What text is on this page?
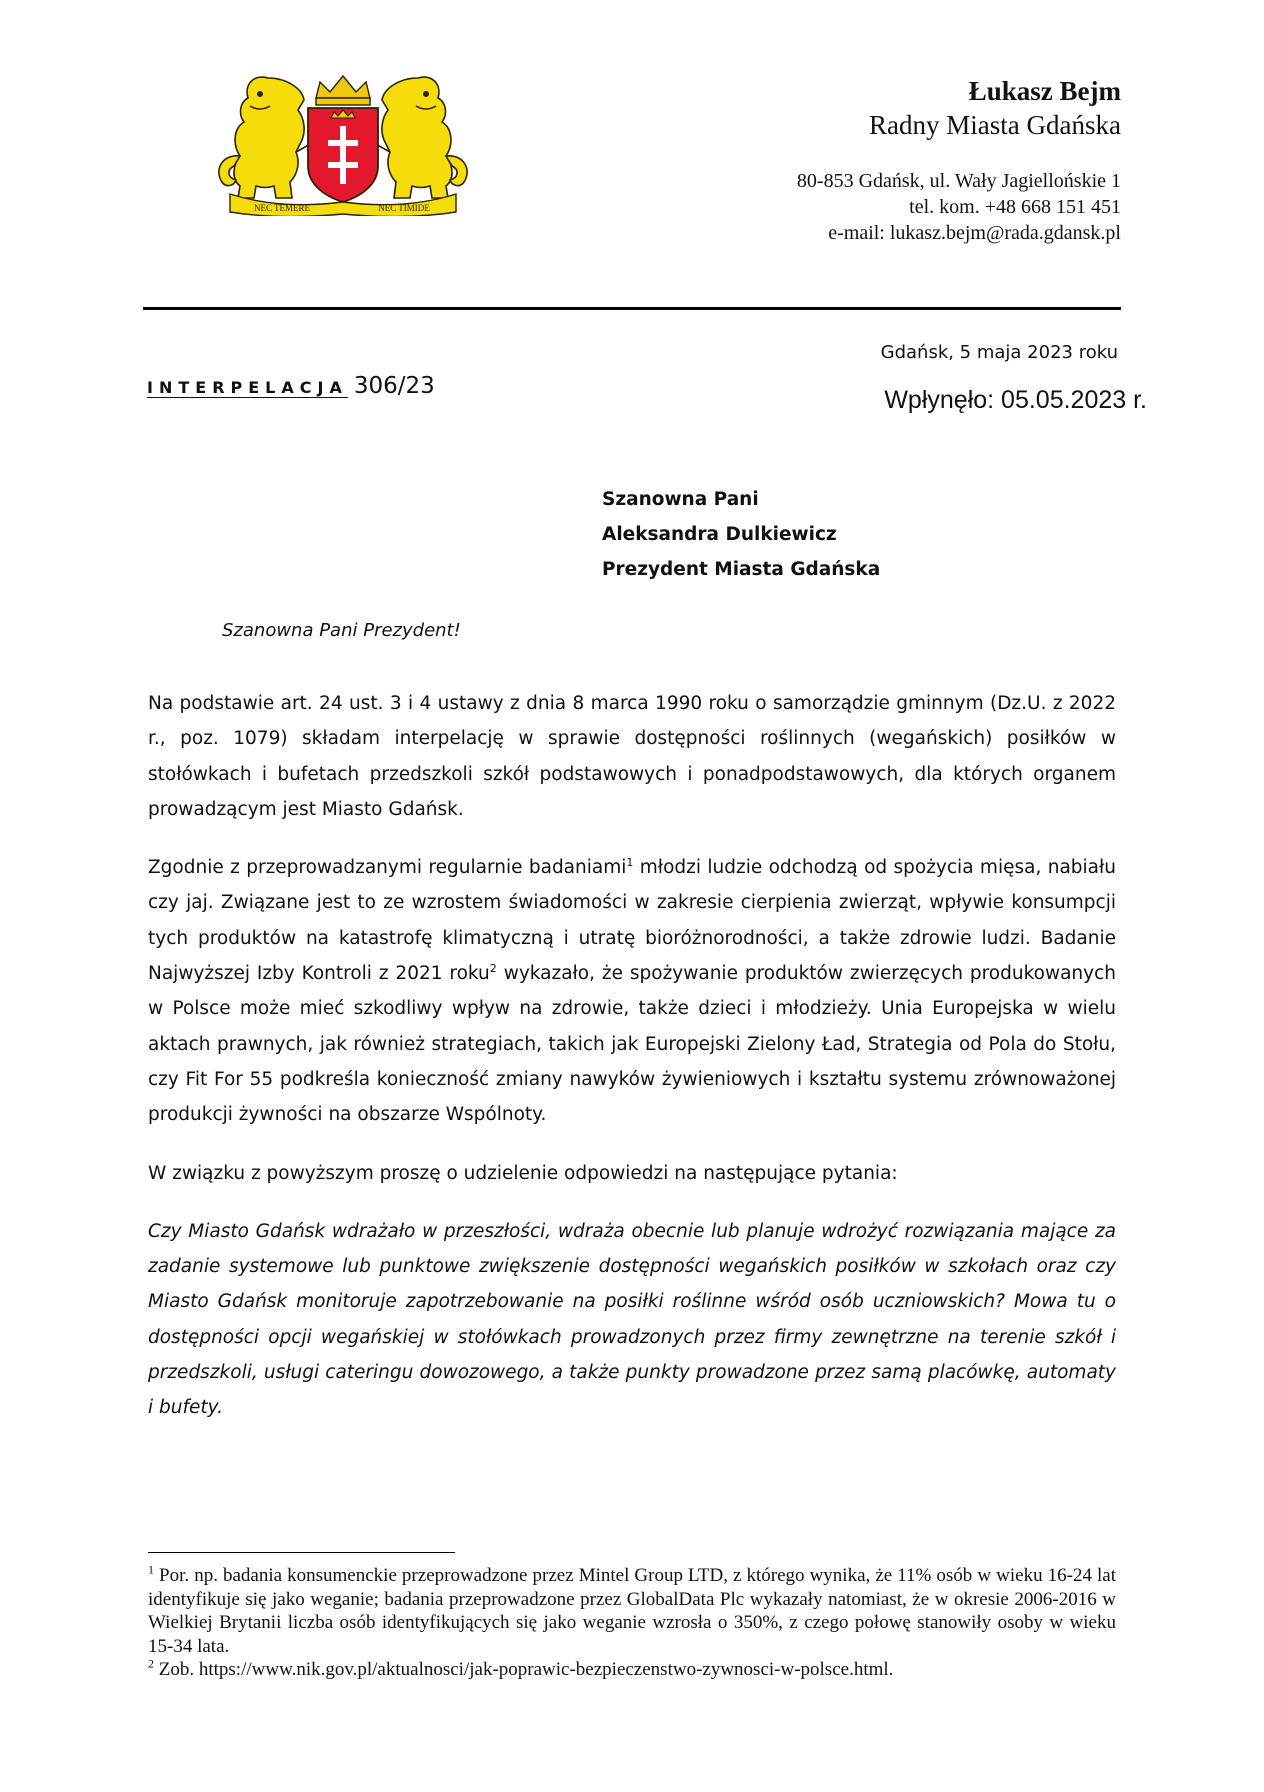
NEC TEMERE	NEC TIMIDE
Łukasz Bejm
Radny Miasta Gdańska
80-853 Gdańsk, ul. Wały Jagiellońskie 1
tel. kom. +48 668 151 451
e-mail: lukasz.bejm@rada.gdansk.pl
Gdańsk, 5 maja 2023 roku
INTERPELACJA 306/23	Wpłynęło: 05.05.2023 r.
Szanowna Pani
Aleksandra Dulkiewicz
Prezydent Miasta Gdańska
Szanowna Pani Prezydent!

Na podstawie art. 24 ust. 3 i 4 ustawy z dnia 8 marca 1990 roku o samorządzie gminnym (Dz.U. z 2022 r., poz. 1079) składam interpelację w sprawie dostępności roślinnych (wegańskich) posiłków w stołówkach i bufetach przedszkoli szkół podstawowych i ponadpodstawowych, dla których organem prowadzącym jest Miasto Gdańsk.

Zgodnie z przeprowadzanymi regularnie badaniami$^1$ młodzi ludzie odchodzą od spożycia mięsa, nabiału czy jaj. Związane jest to ze wzrostem świadomości w zakresie cierpienia zwierząt, wpływie konsumpcji tych produktów na katastrofę klimatyczną i utratę bioróżnorodności, a także zdrowie ludzi. Badanie Najwyższej Izby Kontroli z 2021 roku$^2$ wykazało, że spożywanie produktów zwierzęcych produkowanych w Polsce może mieć szkodliwy wpływ na zdrowie, także dzieci i młodzieży. Unia Europejska w wielu aktach prawnych, jak również strategiach, takich jak Europejski Zielony Ład, Strategia od Pola do Stołu, czy Fit For 55 podkreśla konieczność zmiany nawyków żywieniowych i kształtu systemu zrównoważonej produkcji żywności na obszarze Wspólnoty.

W związku z powyższym proszę o udzielenie odpowiedzi na następujące pytania:

Czy Miasto Gdańsk wdrażało w przeszłości, wdraża obecnie lub planuje wdrożyć rozwiązania mające za zadanie systemowe lub punktowe zwiększenie dostępności wegańskich posiłków w szkołach oraz czy Miasto Gdańsk monitoruje zapotrzebowanie na posiłki roślinne wśród osób uczniowskich? Mowa tu o dostępności opcji wegańskiej w stołówkach prowadzonych przez firmy zewnętrzne na terenie szkół i przedszkoli, usługi cateringu dowozowego, a także punkty prowadzone przez samą placówkę, automaty i bufety.

$^1$ Por. np. badania konsumenckie przeprowadzone przez Mintel Group LTD, z którego wynika, że 11% osób w wieku 16-24 lat identyfikuje się jako weganie; badania przeprowadzone przez GlobalData Plc wykazały natomiast, że w okresie 2006-2016 w Wielkiej Brytanii liczba osób identyfikujących się jako weganie wzrosła o 350%, z czego połowę stanowiły osoby w wieku 15-34 lata.

$^2$ Zob. https://www.nik.gov.pl/aktualnosci/jak-poprawic-bezpieczenstwo-zywnosci-w-polsce.html.
